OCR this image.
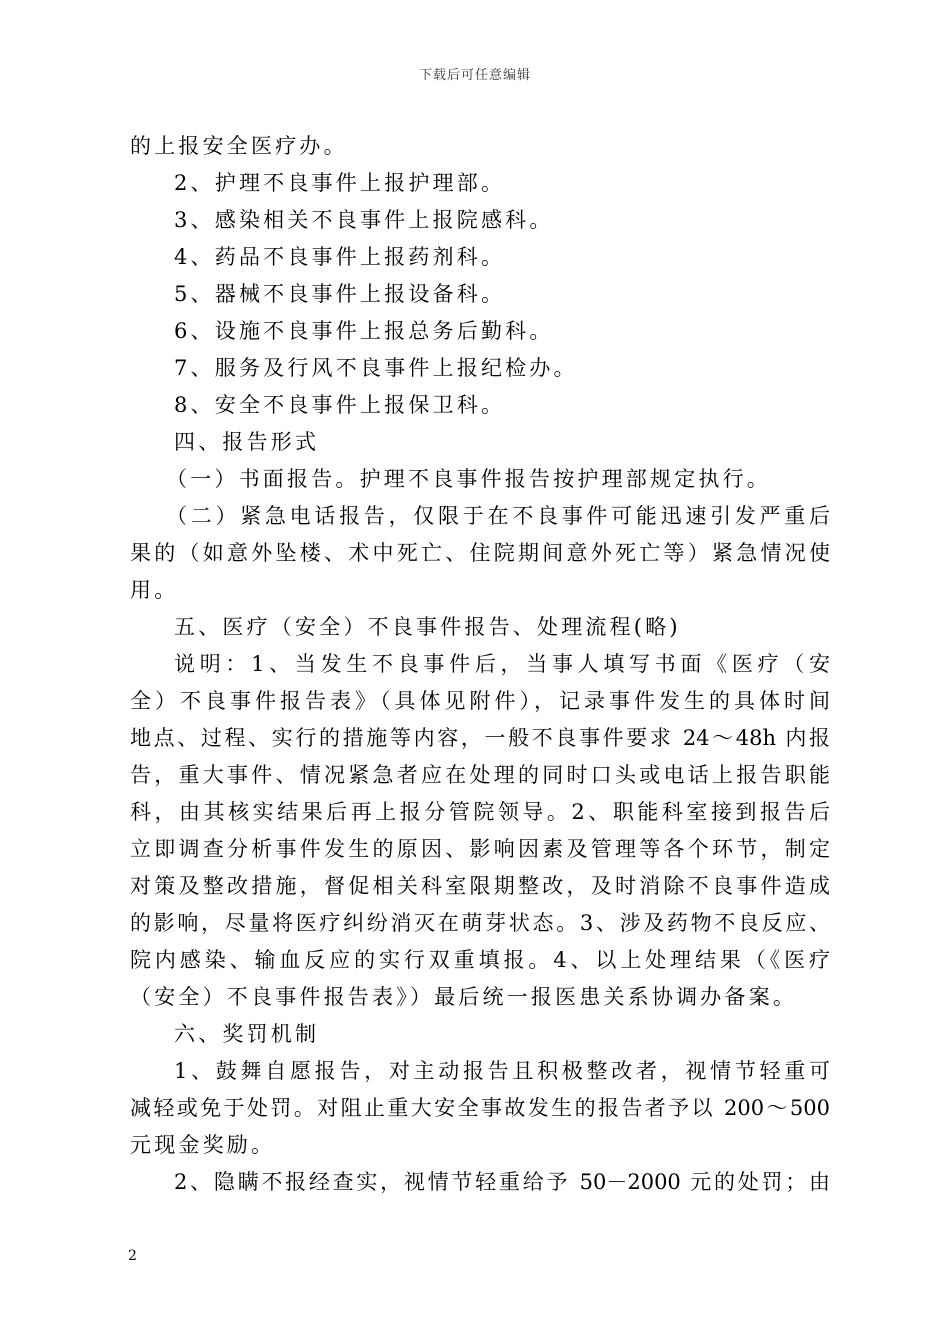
下载后可任意编辑
的上报安全医疗办。
2、护理不良事件上报护理部。
3、感染相关不良事件上报院感科。
4、药品不良事件上报药剂科。
5、器械不良事件上报设备科。
6、设施不良事件上报总务后勤科。
7、服务及行风不良事件上报纪检办。
8、安全不良事件上报保卫科。
四、报告形式
（一）书面报告。护理不良事件报告按护理部规定执行。
（二）紧急电话报告，仅限于在不良事件可能迅速引发严重后
果的（如意外坠楼、术中死亡、住院期间意外死亡等）紧急情况使
用。
五、医疗（安全）不良事件报告、处理流程(略)
说明：1、当发生不良事件后，当事人填写书面《医疗（安
全）不良事件报告表》（具体见附件），记录事件发生的具体时间
地点、过程、实行的措施等内容，一般不良事件要求 24～48h 内报
告，重大事件、情况紧急者应在处理的同时口头或电话上报告职能
科，由其核实结果后再上报分管院领导。2、职能科室接到报告后
立即调查分析事件发生的原因、影响因素及管理等各个环节，制定
对策及整改措施，督促相关科室限期整改，及时消除不良事件造成
的影响，尽量将医疗纠纷消灭在萌芽状态。3、涉及药物不良反应、
院内感染、输血反应的实行双重填报。4、以上处理结果（《医疗
（安全）不良事件报告表》）最后统一报医患关系协调办备案。
六、奖罚机制
1、鼓舞自愿报告，对主动报告且积极整改者，视情节轻重可
减轻或免于处罚。对阻止重大安全事故发生的报告者予以 200～500
元现金奖励。
2、隐瞒不报经查实，视情节轻重给予 50－2000 元的处罚；由
2
